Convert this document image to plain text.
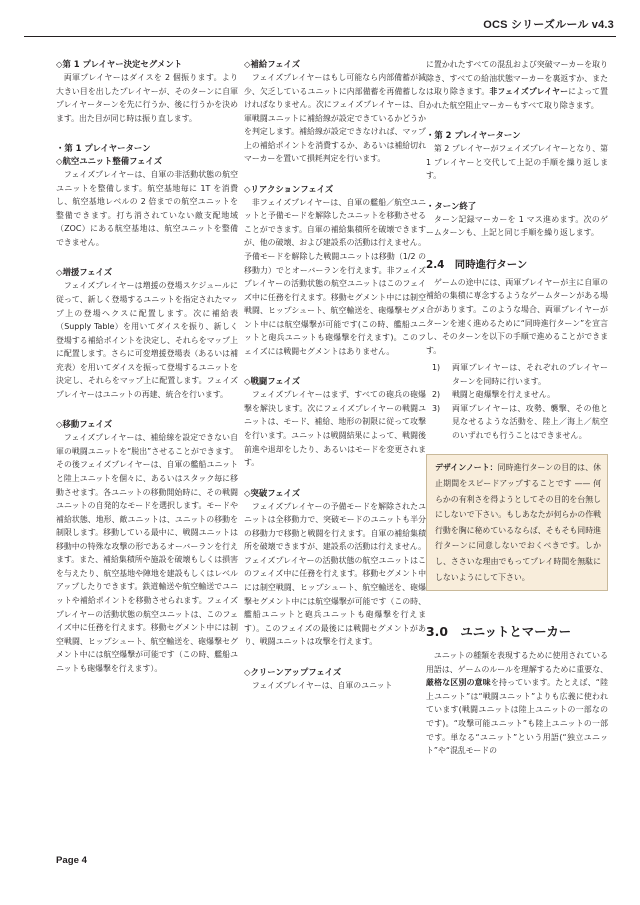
OCS シリーズルール v4.3
◇第 1 プレイヤー決定セグメント

両軍プレイヤーはダイスを 2 個振ります。より大きい目を出したプレイヤーが、そのターンに自軍プレイヤーターンを先に行うか、後に行うかを決めます。出た目が同じ時は振り直します。

・第 1 プレイヤーターン
◇航空ユニット整備フェイズ

フェイズプレイヤーは、自軍の非活動状態の航空ユニットを整備します。航空基地毎に 1T を消費し、航空基地レベルの 2 倍までの航空ユニットを整備できます。打ち消されていない敵支配地域（ZOC）にある航空基地は、航空ユニットを整備できません。

◇増援フェイズ

フェイズプレイヤーは増援の登場スケジュールに従って、新しく登場するユニットを指定されたマップ上の登場ヘクスに配置します。次に補給表（Supply Table）を用いてダイスを振り、新しく登場する補給ポイントを決定し、それらをマップ上に配置します。さらに可変増援登場表（あるいは補充表）を用いてダイスを振って登場するユニットを決定し、それらをマップ上に配置します。フェイズプレイヤーはユニットの再建、統合を行います。

◇移動フェイズ

フェイズプレイヤーは、補給線を設定できない自軍の戦闘ユニットを“脱出”させることができます。その後フェイズプレイヤーは、自軍の艦船ユニットと陸上ユニットを個々に、あるいはスタック毎に移動させます。各ユニットの移動開始時に、その戦闘ユニットの自発的なモードを選択します。モードや補給状態、地形、敵ユニットは、ユニットの移動を制限します。移動している最中に、戦闘ユニットは移動中の特殊な攻撃の形であるオーバーランを行えます。また、補給集積所や施設を破壊もしくは損害を与えたり、航空基地や陣地を建設もしくはレベルアップしたりできます。鉄道輸送や航空輸送でユニットや補給ポイントを移動させられます。フェイズプレイヤーの活動状態の航空ユニットは、このフェイズ中に任務を行えます。移動セグメント中には制空戦闘、ヒップシュート、航空輸送を、砲爆撃セグメント中には航空爆撃が可能です（この時、艦船ユニットも砲爆撃を行えます）。

◇補給フェイズ

フェイズプレイヤーはもし可能なら内部備蓄が減少、欠乏しているユニットに内部備蓄を再備蓄しなければなりません。次にフェイズプレイヤーは、自軍戦闘ユニットに補給線が設定できているかどうかを判定します。補給線が設定できなければ、マップ上の補給ポイントを消費するか、あるいは補給切れマーカーを置いて損耗判定を行います。

◇リアクションフェイズ

非フェイズプレイヤーは、自軍の艦船／航空ユニットと予備モードを解除したユニットを移動させることができます。自軍の補給集積所を破壊できますが、他の破壊、および建設系の活動は行えません。予備モードを解除した戦闘ユニットは移動（1/2 の移動力）でとオーバーランを行えます。非フェイズプレイヤーの活動状態の航空ユニットはこのフェイズ中に任務を行えます。移動セグメント中には制空戦闘、ヒップシュート、航空輸送を、砲爆撃セグメント中には航空爆撃が可能です(この時、艦船ユニットと砲兵ユニットも砲爆撃を行えます)。このフェイズには戦闘セグメントはありません。

◇戦闘フェイズ

フェイズプレイヤーはまず、すべての砲兵の砲爆撃を解決します。次にフェイズプレイヤーの戦闘ユニットは、モード、補給、地形の制限に従って攻撃を行います。ユニットは戦闘結果によって、戦闘後前進や退却をしたり、あるいはモードを変更されます。

◇突破フェイズ

フェイズプレイヤーの予備モードを解除されたユニットは全移動力で、突破モードのユニットも半分の移動力で移動と戦闘を行えます。自軍の補給集積所を破壊できますが、建設系の活動は行えません。フェイズプレイヤーの活動状態の航空ユニットはこのフェイズ中に任務を行えます。移動セグメント中には制空戦闘、ヒップシュート、航空輸送を、砲爆撃セグメント中には航空爆撃が可能です（この時、艦船ユニットと砲兵ユニットも砲爆撃を行えます）。このフェイズの最後には戦闘セグメントがあり、戦闘ユニットは攻撃を行えます。

◇クリーンアップフェイズ

フェイズプレイヤーは、自軍のユニット

に置かれたすべての混乱および突破マーカーを取り除き、すべての給油状態マーカーを裏返すか、または取り除きます。非フェイズプレイヤーによって置かれた航空阻止マーカーもすべて取り除きます。

・第 2 プレイヤーターン

第 2 プレイヤーがフェイズプレイヤーとなり、第 1 プレイヤーと交代して上記の手順を繰り返します。

・ターン終了

ターン記録マーカーを 1 マス進めます。次のゲームターンも、上記と同じ手順を繰り返します。

2.4　同時進行ターン

ゲームの途中には、両軍プレイヤーが主に自軍の補給の集積に専念するようなゲームターンがある場合があります。このような場合、両軍プレイヤーがターンを速く進めるために“同時進行ターン”を宣言し、そのターンを以下の手順で進めることができます。

1) 両軍プレイヤーは、それぞれのプレイヤーターンを同時に行います。
2) 戦闘と砲爆撃を行えません。
3) 両軍プレイヤーは、攻勢、襲撃、その他と見なせるような活動を、陸上／海上／航空のいずれでも行うことはできません。

デザインノート：同時進行ターンの目的は、休止期間をスピードアップすることです —— 何らかの有利さを得ようとしてその目的を台無しにしないで下さい。もしあなたが何らかの作戦行動を胸に秘めているならば、そもそも同時進行ターンに同意しないでおくべきです。しかし、ささいな理由でもってプレイ時間を無駄にしないようにして下さい。

3.0　ユニットとマーカー

ユニットの種類を表現するために使用されている用語は、ゲームのルールを理解するために重要な、厳格な区別の意味を持っています。たとえば、“陸上ユニット”は“戦闘ユニット”よりも広義に使われています(戦闘ユニットは陸上ユニットの一部なのです)。“攻撃可能ユニット”も陸上ユニットの一部です。単なる“ユニット”という用語(“独立ユニット”や“混乱モードの

Page 4
